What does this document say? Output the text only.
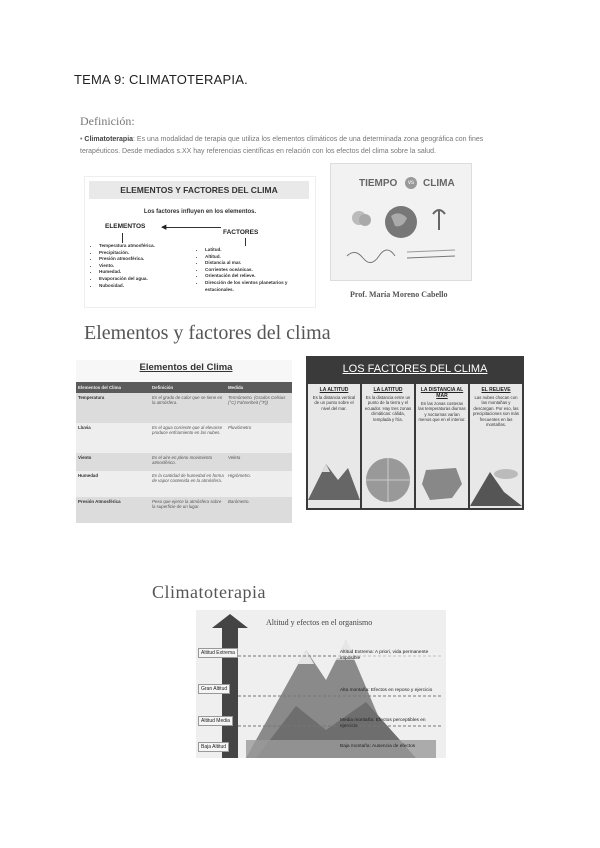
TEMA 9: CLIMATOTERAPIA.
Definición:
• Climatoterapia: Es una modalidad de terapia que utiliza los elementos climáticos de una determinada zona geográfica con fines terapéuticos. Desde mediados s.XX hay referencias científicas en relación con los efectos del clima sobre la salud.
ELEMENTOS Y FACTORES DEL CLIMA
Los factores influyen en los elementos.
ELEMENTOS
FACTORES
◀
• Temperatura atmosférica.
• Precipitación.
• Presión atmosférica.
• Viento.
• Humedad.
• Evaporación del agua.
• Nubosidad.
• Latitud.
• Altitud.
• Distancia al mar.
• Corrientes oceánicas.
• Orientación del relieve.
• Dirección de los vientos planetarios y estacionales.
TIEMPO	vs CLIMA
Prof. María Moreno Cabello
Elementos y factores del clima
Elementos del Clima
Elementos del Clima	Definición	Medida
Temperatura	Es el grado de calor que se tiene en la atmósfera.	Termómetro. (Grados Celsius (°C) Fahrenheit (°F))
Lluvia	Es el agua corriente que al elevarse produce enfriamiento en las nubes.	Pluviómetro
Viento	Es el aire en pleno movimiento atmosférico.	Veleta
Humedad	Es la cantidad de humedad en forma de vapor contenida en la atmósfera.	Higrómetro.
Presión Atmosférica	Peso que ejerce la atmósfera sobre la superficie de un lugar.	Barómetro.
LOS FACTORES DEL CLIMA
LA ALTITUD
Es la distancia vertical de un punto sobre el nivel del mar.
LA LATITUD
Es la distancia entre un punto de la tierra y el ecuador. Hay tres zonas climáticas: cálida, templada y fría.
LA DISTANCIA AL MAR
En las zonas costeras las temperaturas diurnas y nocturnas varían menos que en el interior.
EL RELIEVE
Las nubes chocan con las montañas y descargan. Por eso, las precipitaciones son más frecuentes en las montañas.
Climatoterapia
Altitud y efectos en el organismo
Altitud Extrema
Gran Altitud
Altitud Media
Baja Altitud
Altitud Extrema: A priori, vida permanente imposible
Alta montaña: Efectos en reposo y ejercicio
Media montaña: Efectos perceptibles en ejercicio
Baja montaña: Ausencia de efectos
